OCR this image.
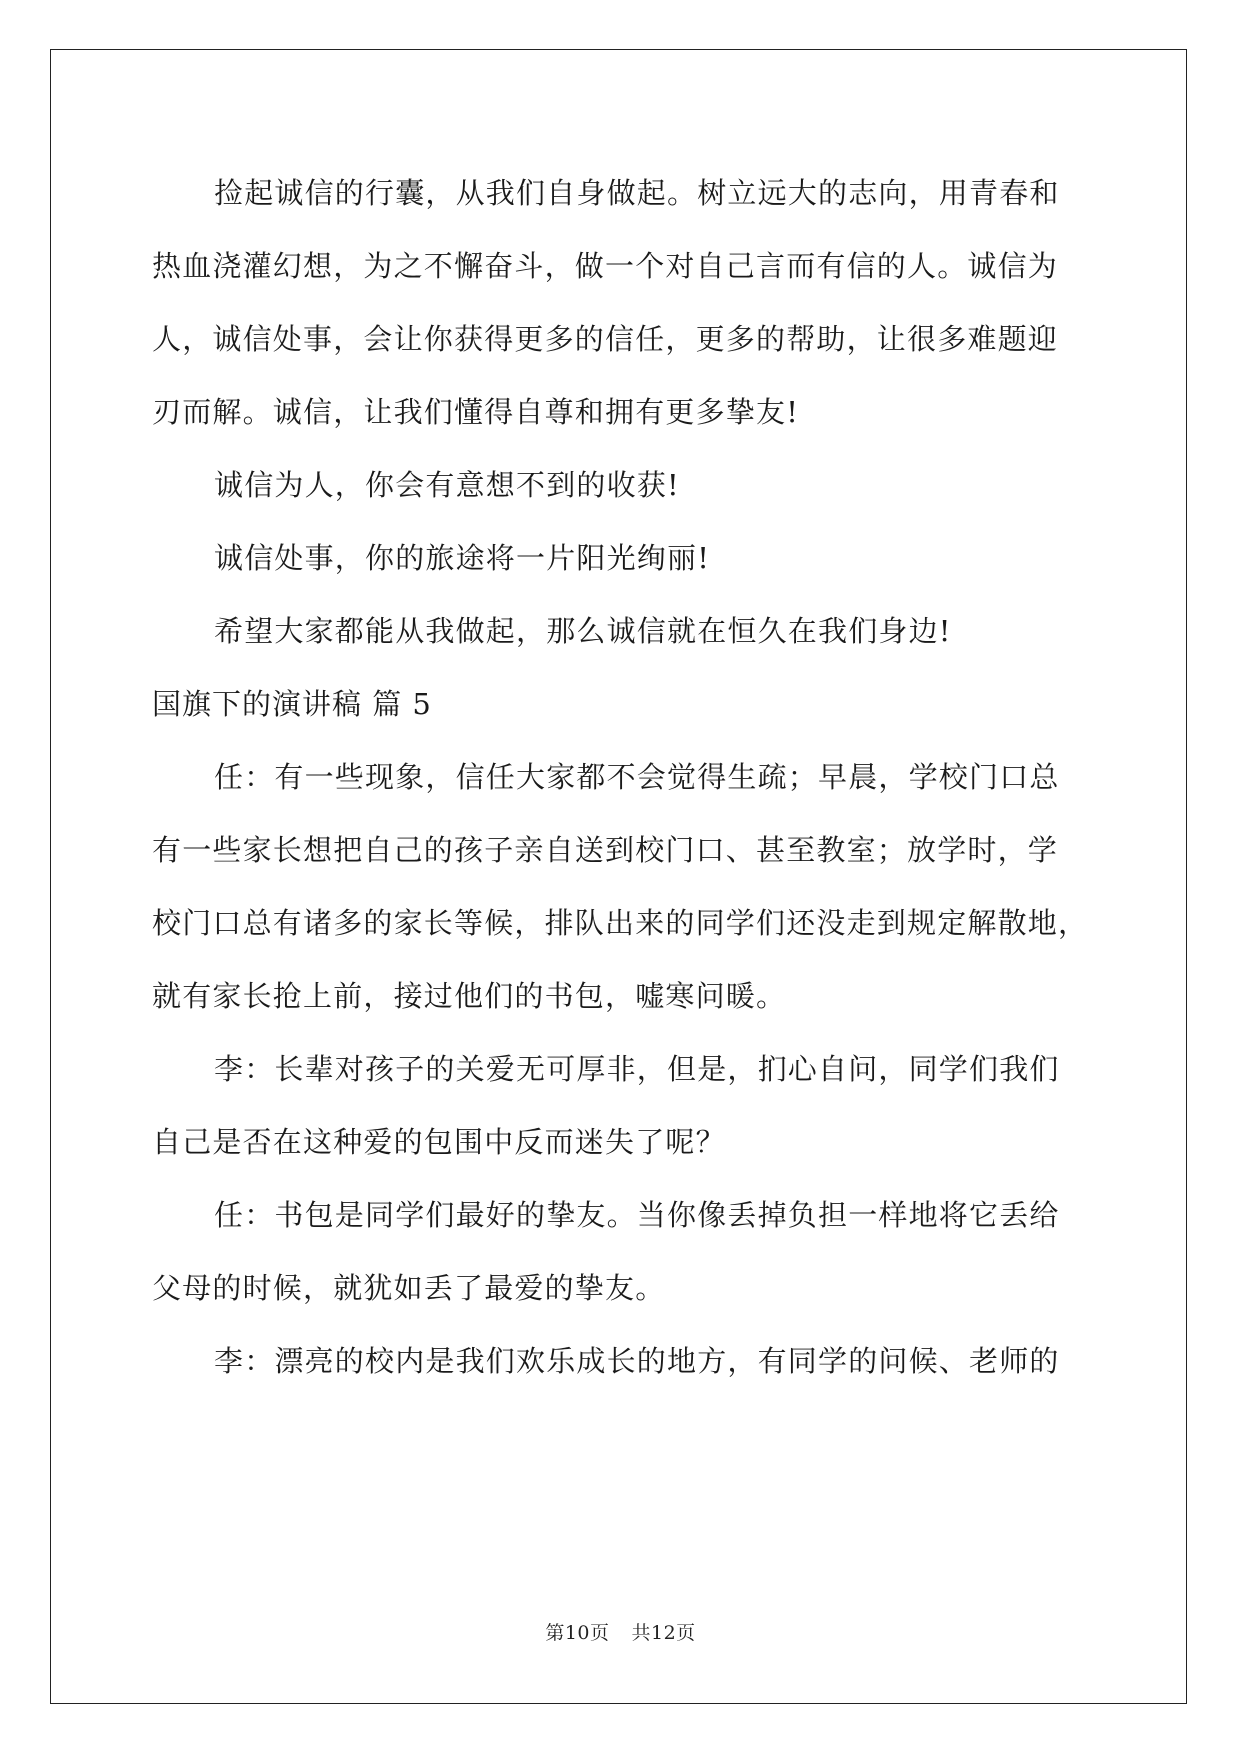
捡起诚信的行囊，从我们自身做起。树立远大的志向，用青春和
热血浇灌幻想，为之不懈奋斗，做一个对自己言而有信的人。诚信为
人，诚信处事，会让你获得更多的信任，更多的帮助，让很多难题迎
刃而解。诚信，让我们懂得自尊和拥有更多挚友!
诚信为人，你会有意想不到的收获!
诚信处事，你的旅途将一片阳光绚丽!
希望大家都能从我做起，那么诚信就在恒久在我们身边!
国旗下的演讲稿 篇 5
任：有一些现象，信任大家都不会觉得生疏；早晨，学校门口总
有一些家长想把自己的孩子亲自送到校门口、甚至教室；放学时，学
校门口总有诸多的家长等候，排队出来的同学们还没走到规定解散地，
就有家长抢上前，接过他们的书包，嘘寒问暖。
李：长辈对孩子的关爱无可厚非，但是，扪心自问，同学们我们
自己是否在这种爱的包围中反而迷失了呢？
任：书包是同学们最好的挚友。当你像丢掉负担一样地将它丢给
父母的时候，就犹如丢了最爱的挚友。
李：漂亮的校内是我们欢乐成长的地方，有同学的问候、老师的
第10页 共12页
